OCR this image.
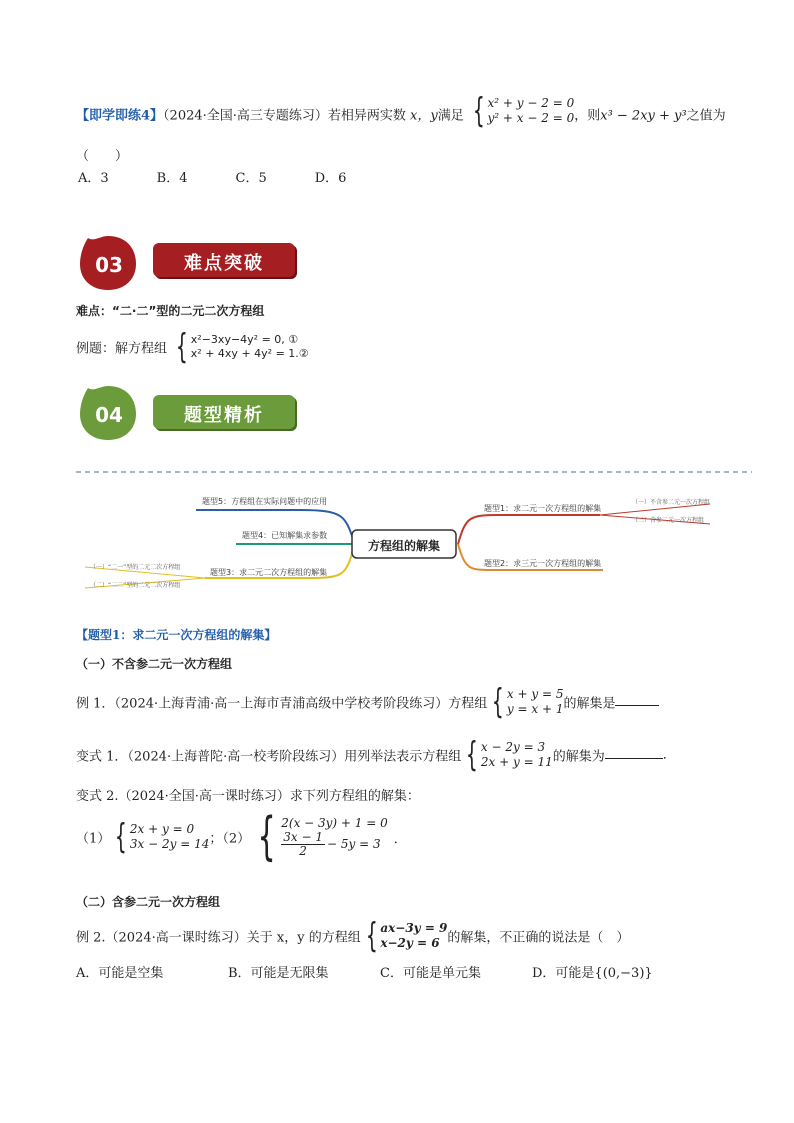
【即学即练4】（2024·全国·高三专题练习）若相异两实数 x，y满足 { x² + y − 2 = 0
y² + x − 2 = 0 ，则x³ − 2xy + y³之值为
（　　）
A．3	B．4	C．5	D．6
03	难点突破
难点：“二·二”型的二元二次方程组
例题：解方程组 { x²−3xy−4y² = 0, ①
x² + 4xy + 4y² = 1.②
04	题型精析
方程组的解集
题型5：方程组在实际问题中的应用
题型4：已知解集求参数
题型3：求二元二次方程组的解集
（一）“二一”型的二元二次方程组
（二）“二二”型的二元二次方程组
题型1：求二元一次方程组的解集
题型2：求三元一次方程组的解集
（一）不含参二元一次方程组
（二）含参二元一次方程组
【题型1：求二元一次方程组的解集】
（一）不含参二元一次方程组
例 1．（2024·上海青浦·高一上海市青浦高级中学校考阶段练习）方程组 { x + y = 5
y = x + 1 的解集是
变式 1．（2024·上海普陀·高一校考阶段练习）用列举法表示方程组 { x − 2y = 3
2x + y = 11 的解集为	．
变式 2.（2024·全国·高一课时练习）求下列方程组的解集：
（1） { 2x + y = 0
3x − 2y = 14 ；（2） { 2(x − 3y) + 1 = 0
$\frac{3x - 1}{2} - 5y = 3$ ．
（二）含参二元一次方程组
例 2.（2024·高一课时练习）关于 x，y 的方程组 { ax−3y = 9
x−2y = 6 的解集，不正确的说法是（　）
A．可能是空集	B．可能是无限集	C．可能是单元集	D．可能是{(0,−3)}
